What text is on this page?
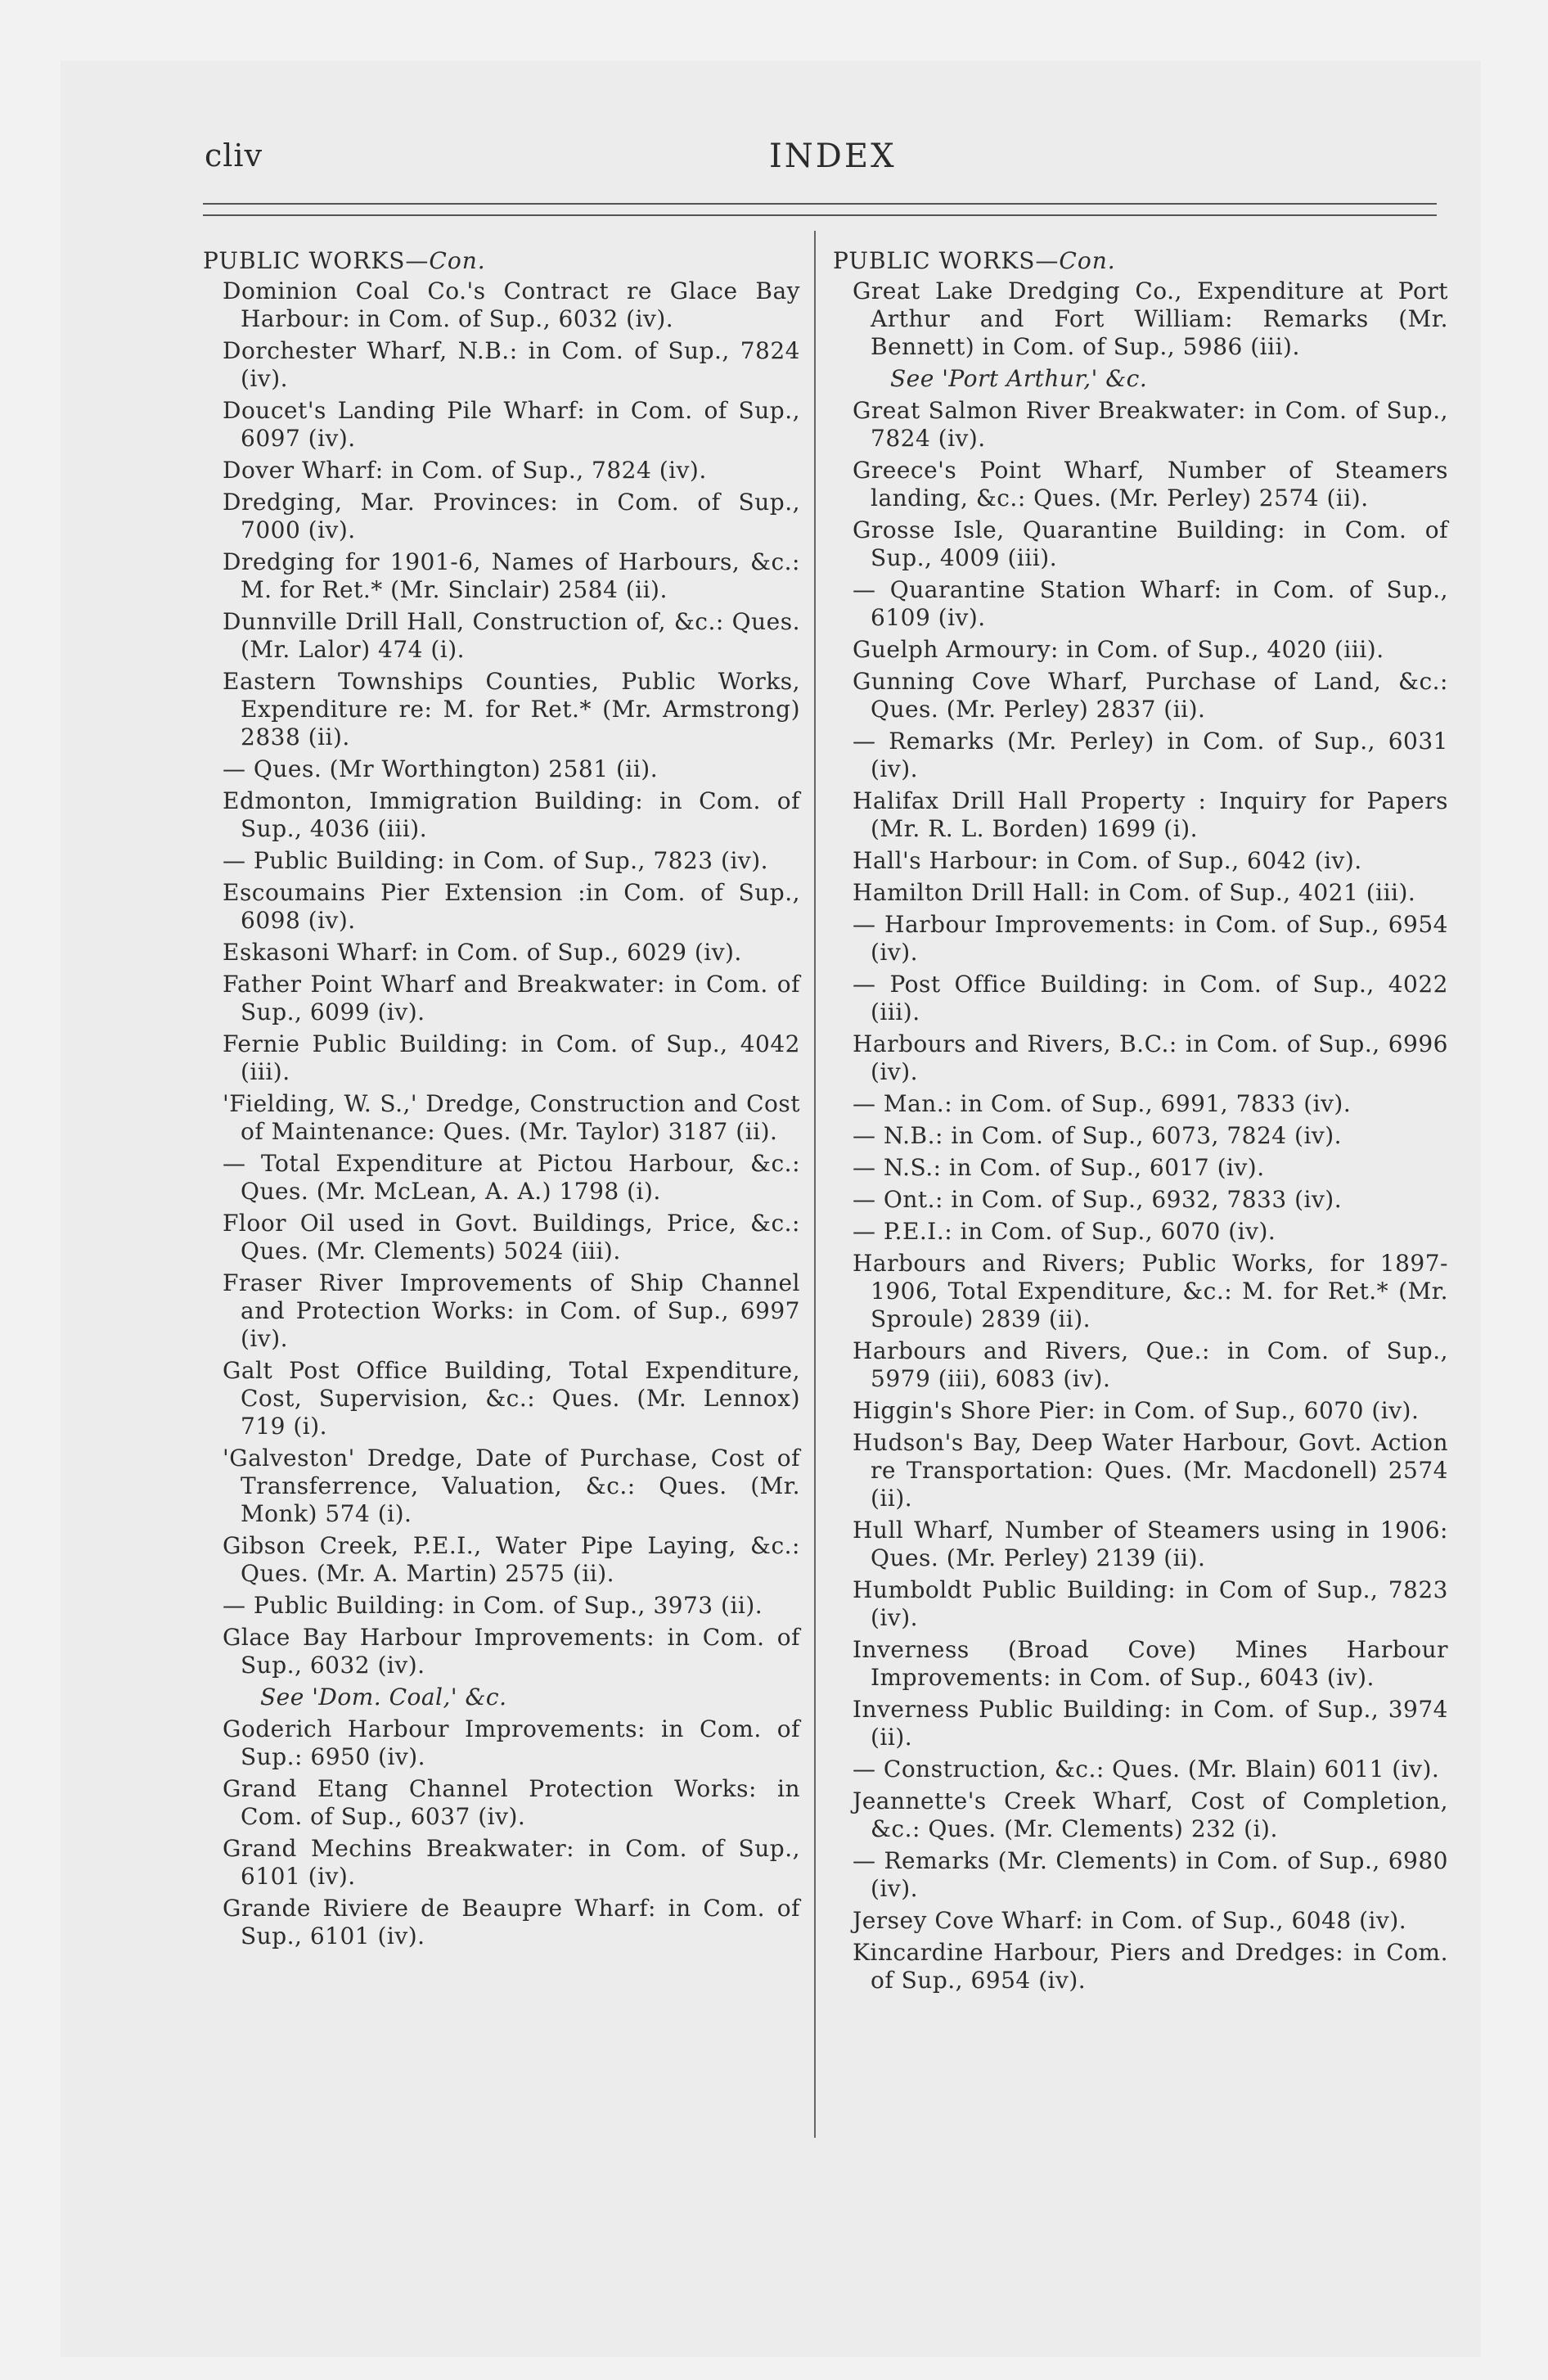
cliv	INDEX
PUBLIC WORKS—Con.

Dominion Coal Co.'s Contract re Glace Bay Harbour: in Com. of Sup., 6032 (iv).

Dorchester Wharf, N.B.: in Com. of Sup., 7824 (iv).

Doucet's Landing Pile Wharf: in Com. of Sup., 6097 (iv).

Dover Wharf: in Com. of Sup., 7824 (iv).

Dredging, Mar. Provinces: in Com. of Sup., 7000 (iv).

Dredging for 1901-6, Names of Harbours, &c.: M. for Ret.* (Mr. Sinclair) 2584 (ii).

Dunnville Drill Hall, Construction of, &c.: Ques. (Mr. Lalor) 474 (i).

Eastern Townships Counties, Public Works, Expenditure re: M. for Ret.* (Mr. Armstrong) 2838 (ii).

— Ques. (Mr Worthington) 2581 (ii).

Edmonton, Immigration Building: in Com. of Sup., 4036 (iii).

— Public Building: in Com. of Sup., 7823 (iv).

Escoumains Pier Extension :in Com. of Sup., 6098 (iv).

Eskasoni Wharf: in Com. of Sup., 6029 (iv).

Father Point Wharf and Breakwater: in Com. of Sup., 6099 (iv).

Fernie Public Building: in Com. of Sup., 4042 (iii).

'Fielding, W. S.,' Dredge, Construction and Cost of Maintenance: Ques. (Mr. Taylor) 3187 (ii).

— Total Expenditure at Pictou Harbour, &c.: Ques. (Mr. McLean, A. A.) 1798 (i).

Floor Oil used in Govt. Buildings, Price, &c.: Ques. (Mr. Clements) 5024 (iii).

Fraser River Improvements of Ship Channel and Protection Works: in Com. of Sup., 6997 (iv).

Galt Post Office Building, Total Expenditure, Cost, Supervision, &c.: Ques. (Mr. Lennox) 719 (i).

'Galveston' Dredge, Date of Purchase, Cost of Transferrence, Valuation, &c.: Ques. (Mr. Monk) 574 (i).

Gibson Creek, P.E.I., Water Pipe Laying, &c.: Ques. (Mr. A. Martin) 2575 (ii).

— Public Building: in Com. of Sup., 3973 (ii).

Glace Bay Harbour Improvements: in Com. of Sup., 6032 (iv).

See 'Dom. Coal,' &c.

Goderich Harbour Improvements: in Com. of Sup.: 6950 (iv).

Grand Etang Channel Protection Works: in Com. of Sup., 6037 (iv).

Grand Mechins Breakwater: in Com. of Sup., 6101 (iv).

Grande Riviere de Beaupre Wharf: in Com. of Sup., 6101 (iv).

PUBLIC WORKS—Con.

Great Lake Dredging Co., Expenditure at Port Arthur and Fort William: Remarks (Mr. Bennett) in Com. of Sup., 5986 (iii).

See 'Port Arthur,' &c.

Great Salmon River Breakwater: in Com. of Sup., 7824 (iv).

Greece's Point Wharf, Number of Steamers landing, &c.: Ques. (Mr. Perley) 2574 (ii).

Grosse Isle, Quarantine Building: in Com. of Sup., 4009 (iii).

— Quarantine Station Wharf: in Com. of Sup., 6109 (iv).

Guelph Armoury: in Com. of Sup., 4020 (iii).

Gunning Cove Wharf, Purchase of Land, &c.: Ques. (Mr. Perley) 2837 (ii).

— Remarks (Mr. Perley) in Com. of Sup., 6031 (iv).

Halifax Drill Hall Property : Inquiry for Papers (Mr. R. L. Borden) 1699 (i).

Hall's Harbour: in Com. of Sup., 6042 (iv).

Hamilton Drill Hall: in Com. of Sup., 4021 (iii).

— Harbour Improvements: in Com. of Sup., 6954 (iv).

— Post Office Building: in Com. of Sup., 4022 (iii).

Harbours and Rivers, B.C.: in Com. of Sup., 6996 (iv).

— Man.: in Com. of Sup., 6991, 7833 (iv).

— N.B.: in Com. of Sup., 6073, 7824 (iv).

— N.S.: in Com. of Sup., 6017 (iv).

— Ont.: in Com. of Sup., 6932, 7833 (iv).

— P.E.I.: in Com. of Sup., 6070 (iv).

Harbours and Rivers; Public Works, for 1897-1906, Total Expenditure, &c.: M. for Ret.* (Mr. Sproule) 2839 (ii).

Harbours and Rivers, Que.: in Com. of Sup., 5979 (iii), 6083 (iv).

Higgin's Shore Pier: in Com. of Sup., 6070 (iv).

Hudson's Bay, Deep Water Harbour, Govt. Action re Transportation: Ques. (Mr. Macdonell) 2574 (ii).

Hull Wharf, Number of Steamers using in 1906: Ques. (Mr. Perley) 2139 (ii).

Humboldt Public Building: in Com of Sup., 7823 (iv).

Inverness (Broad Cove) Mines Harbour Improvements: in Com. of Sup., 6043 (iv).

Inverness Public Building: in Com. of Sup., 3974 (ii).

— Construction, &c.: Ques. (Mr. Blain) 6011 (iv).

Jeannette's Creek Wharf, Cost of Completion, &c.: Ques. (Mr. Clements) 232 (i).

— Remarks (Mr. Clements) in Com. of Sup., 6980 (iv).

Jersey Cove Wharf: in Com. of Sup., 6048 (iv).

Kincardine Harbour, Piers and Dredges: in Com. of Sup., 6954 (iv).
